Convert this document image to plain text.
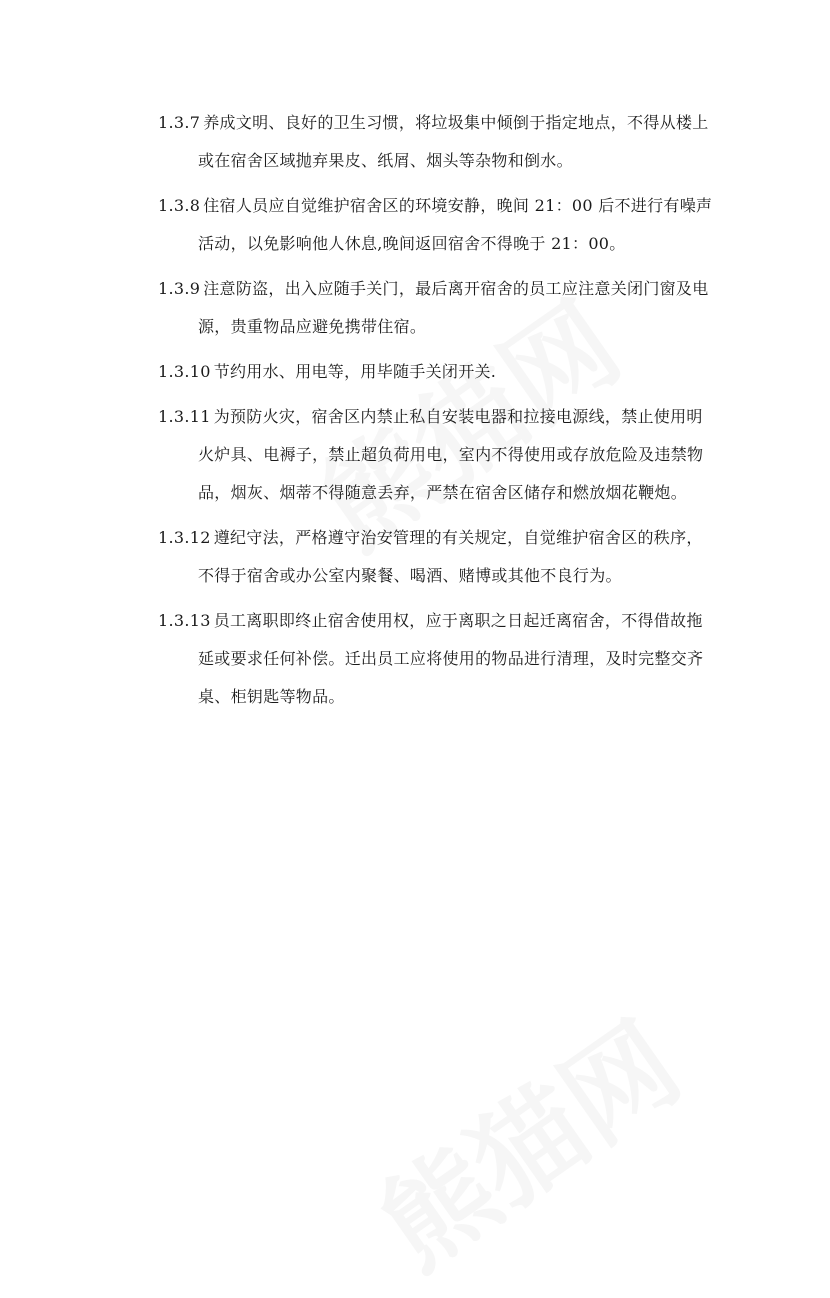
1.3.7 养成文明、良好的卫生习惯，将垃圾集中倾倒于指定地点，不得从楼上或在宿舍区域抛弃果皮、纸屑、烟头等杂物和倒水。

1.3.8 住宿人员应自觉维护宿舍区的环境安静，晚间 21：00 后不进行有噪声活动，以免影响他人休息,晚间返回宿舍不得晚于 21：00。

1.3.9 注意防盗，出入应随手关门，最后离开宿舍的员工应注意关闭门窗及电源，贵重物品应避免携带住宿。

1.3.10 节约用水、用电等，用毕随手关闭开关.

1.3.11 为预防火灾，宿舍区内禁止私自安装电器和拉接电源线，禁止使用明火炉具、电褥子，禁止超负荷用电，室内不得使用或存放危险及违禁物品，烟灰、烟蒂不得随意丢弃，严禁在宿舍区储存和燃放烟花鞭炮。

1.3.12 遵纪守法，严格遵守治安管理的有关规定，自觉维护宿舍区的秩序，不得于宿舍或办公室内聚餐、喝酒、赌博或其他不良行为。

1.3.13 员工离职即终止宿舍使用权，应于离职之日起迁离宿舍，不得借故拖延或要求任何补偿。迁出员工应将使用的物品进行清理，及时完整交齐桌、柜钥匙等物品。
